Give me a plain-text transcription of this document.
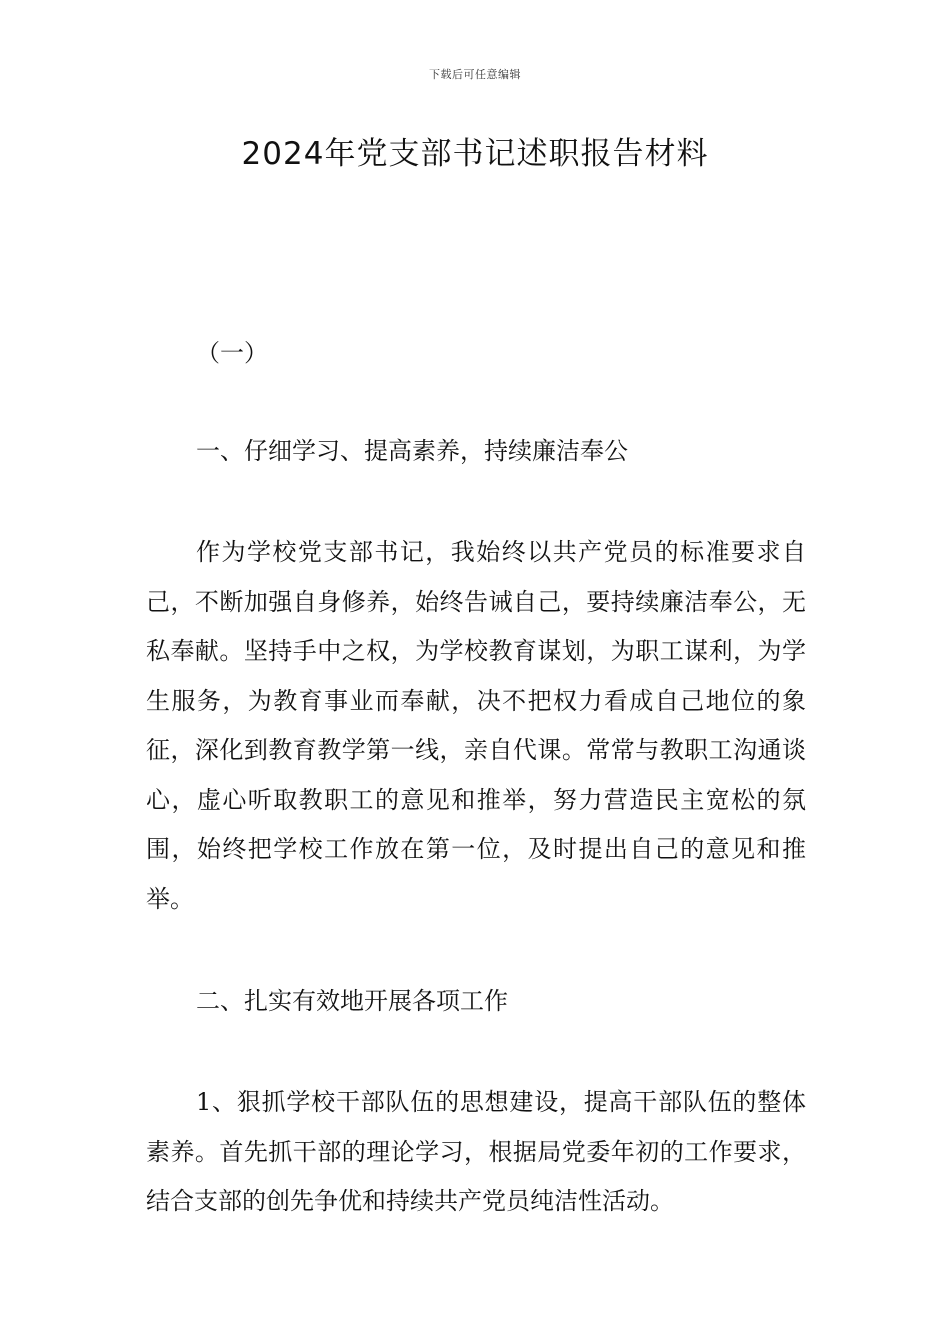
下载后可任意编辑
2024年党支部书记述职报告材料
（一）
一、仔细学习、提高素养，持续廉洁奉公

作为学校党支部书记，我始终以共产党员的标准要求自己，不断加强自身修养，始终告诫自己，要持续廉洁奉公，无私奉献。坚持手中之权，为学校教育谋划，为职工谋利，为学生服务，为教育事业而奉献，决不把权力看成自己地位的象征，深化到教育教学第一线，亲自代课。常常与教职工沟通谈心，虚心听取教职工的意见和推举，努力营造民主宽松的氛围，始终把学校工作放在第一位，及时提出自己的意见和推举。

二、扎实有效地开展各项工作

1、狠抓学校干部队伍的思想建设，提高干部队伍的整体素养。首先抓干部的理论学习，根据局党委年初的工作要求，结合支部的创先争优和持续共产党员纯洁性活动。
